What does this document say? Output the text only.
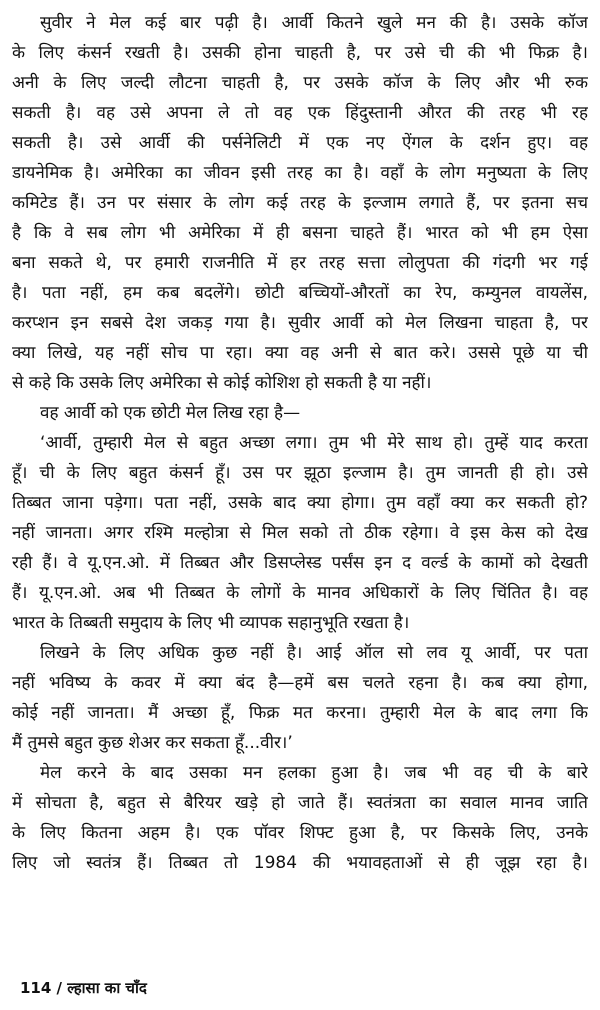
सुवीर ने मेल कई बार पढ़ी है। आर्वी कितने खुले मन की है। उसके कॉज
के लिए कंसर्न रखती है। उसकी होना चाहती है, पर उसे ची की भी फिक्र है।
अनी के लिए जल्दी लौटना चाहती है, पर उसके कॉज के लिए और भी रुक
सकती है। वह उसे अपना ले तो वह एक हिंदुस्तानी औरत की तरह भी रह
सकती है। उसे आर्वी की पर्सनेलिटी में एक नए ऐंगल के दर्शन हुए। वह
डायनेमिक है। अमेरिका का जीवन इसी तरह का है। वहाँ के लोग मनुष्यता के लिए
कमिटेड हैं। उन पर संसार के लोग कई तरह के इल्जाम लगाते हैं, पर इतना सच
है कि वे सब लोग भी अमेरिका में ही बसना चाहते हैं। भारत को भी हम ऐसा
बना सकते थे, पर हमारी राजनीति में हर तरह सत्ता लोलुपता की गंदगी भर गई
है। पता नहीं, हम कब बदलेंगे। छोटी बच्चियों-औरतों का रेप, कम्युनल वायलेंस,
करप्शन इन सबसे देश जकड़ गया है। सुवीर आर्वी को मेल लिखना चाहता है, पर
क्या लिखे, यह नहीं सोच पा रहा। क्या वह अनी से बात करे। उससे पूछे या ची
से कहे कि उसके लिए अमेरिका से कोई कोशिश हो सकती है या नहीं।
वह आर्वी को एक छोटी मेल लिख रहा है—
‘आर्वी, तुम्हारी मेल से बहुत अच्छा लगा। तुम भी मेरे साथ हो। तुम्हें याद करता
हूँ। ची के लिए बहुत कंसर्न हूँ। उस पर झूठा इल्जाम है। तुम जानती ही हो। उसे
तिब्बत जाना पड़ेगा। पता नहीं, उसके बाद क्या होगा। तुम वहाँ क्या कर सकती हो?
नहीं जानता। अगर रश्मि मल्होत्रा से मिल सको तो ठीक रहेगा। वे इस केस को देख
रही हैं। वे यू.एन.ओ. में तिब्बत और डिसप्लेस्ड पर्संस इन द वर्ल्ड के कामों को देखती
हैं। यू.एन.ओ. अब भी तिब्बत के लोगों के मानव अधिकारों के लिए चिंतित है। वह
भारत के तिब्बती समुदाय के लिए भी व्यापक सहानुभूति रखता है।
लिखने के लिए अधिक कुछ नहीं है। आई ऑल सो लव यू आर्वी, पर पता
नहीं भविष्य के कवर में क्या बंद है—हमें बस चलते रहना है। कब क्या होगा,
कोई नहीं जानता। मैं अच्छा हूँ, फिक्र मत करना। तुम्हारी मेल के बाद लगा कि
मैं तुमसे बहुत कुछ शेअर कर सकता हूँ...वीर।’
मेल करने के बाद उसका मन हलका हुआ है। जब भी वह ची के बारे
में सोचता है, बहुत से बैरियर खड़े हो जाते हैं। स्वतंत्रता का सवाल मानव जाति
के लिए कितना अहम है। एक पॉवर शिफ्ट हुआ है, पर किसके लिए, उनके
लिए जो स्वतंत्र हैं। तिब्बत तो 1984 की भयावहताओं से ही जूझ रहा है।
114 / ल्हासा का चाँद
